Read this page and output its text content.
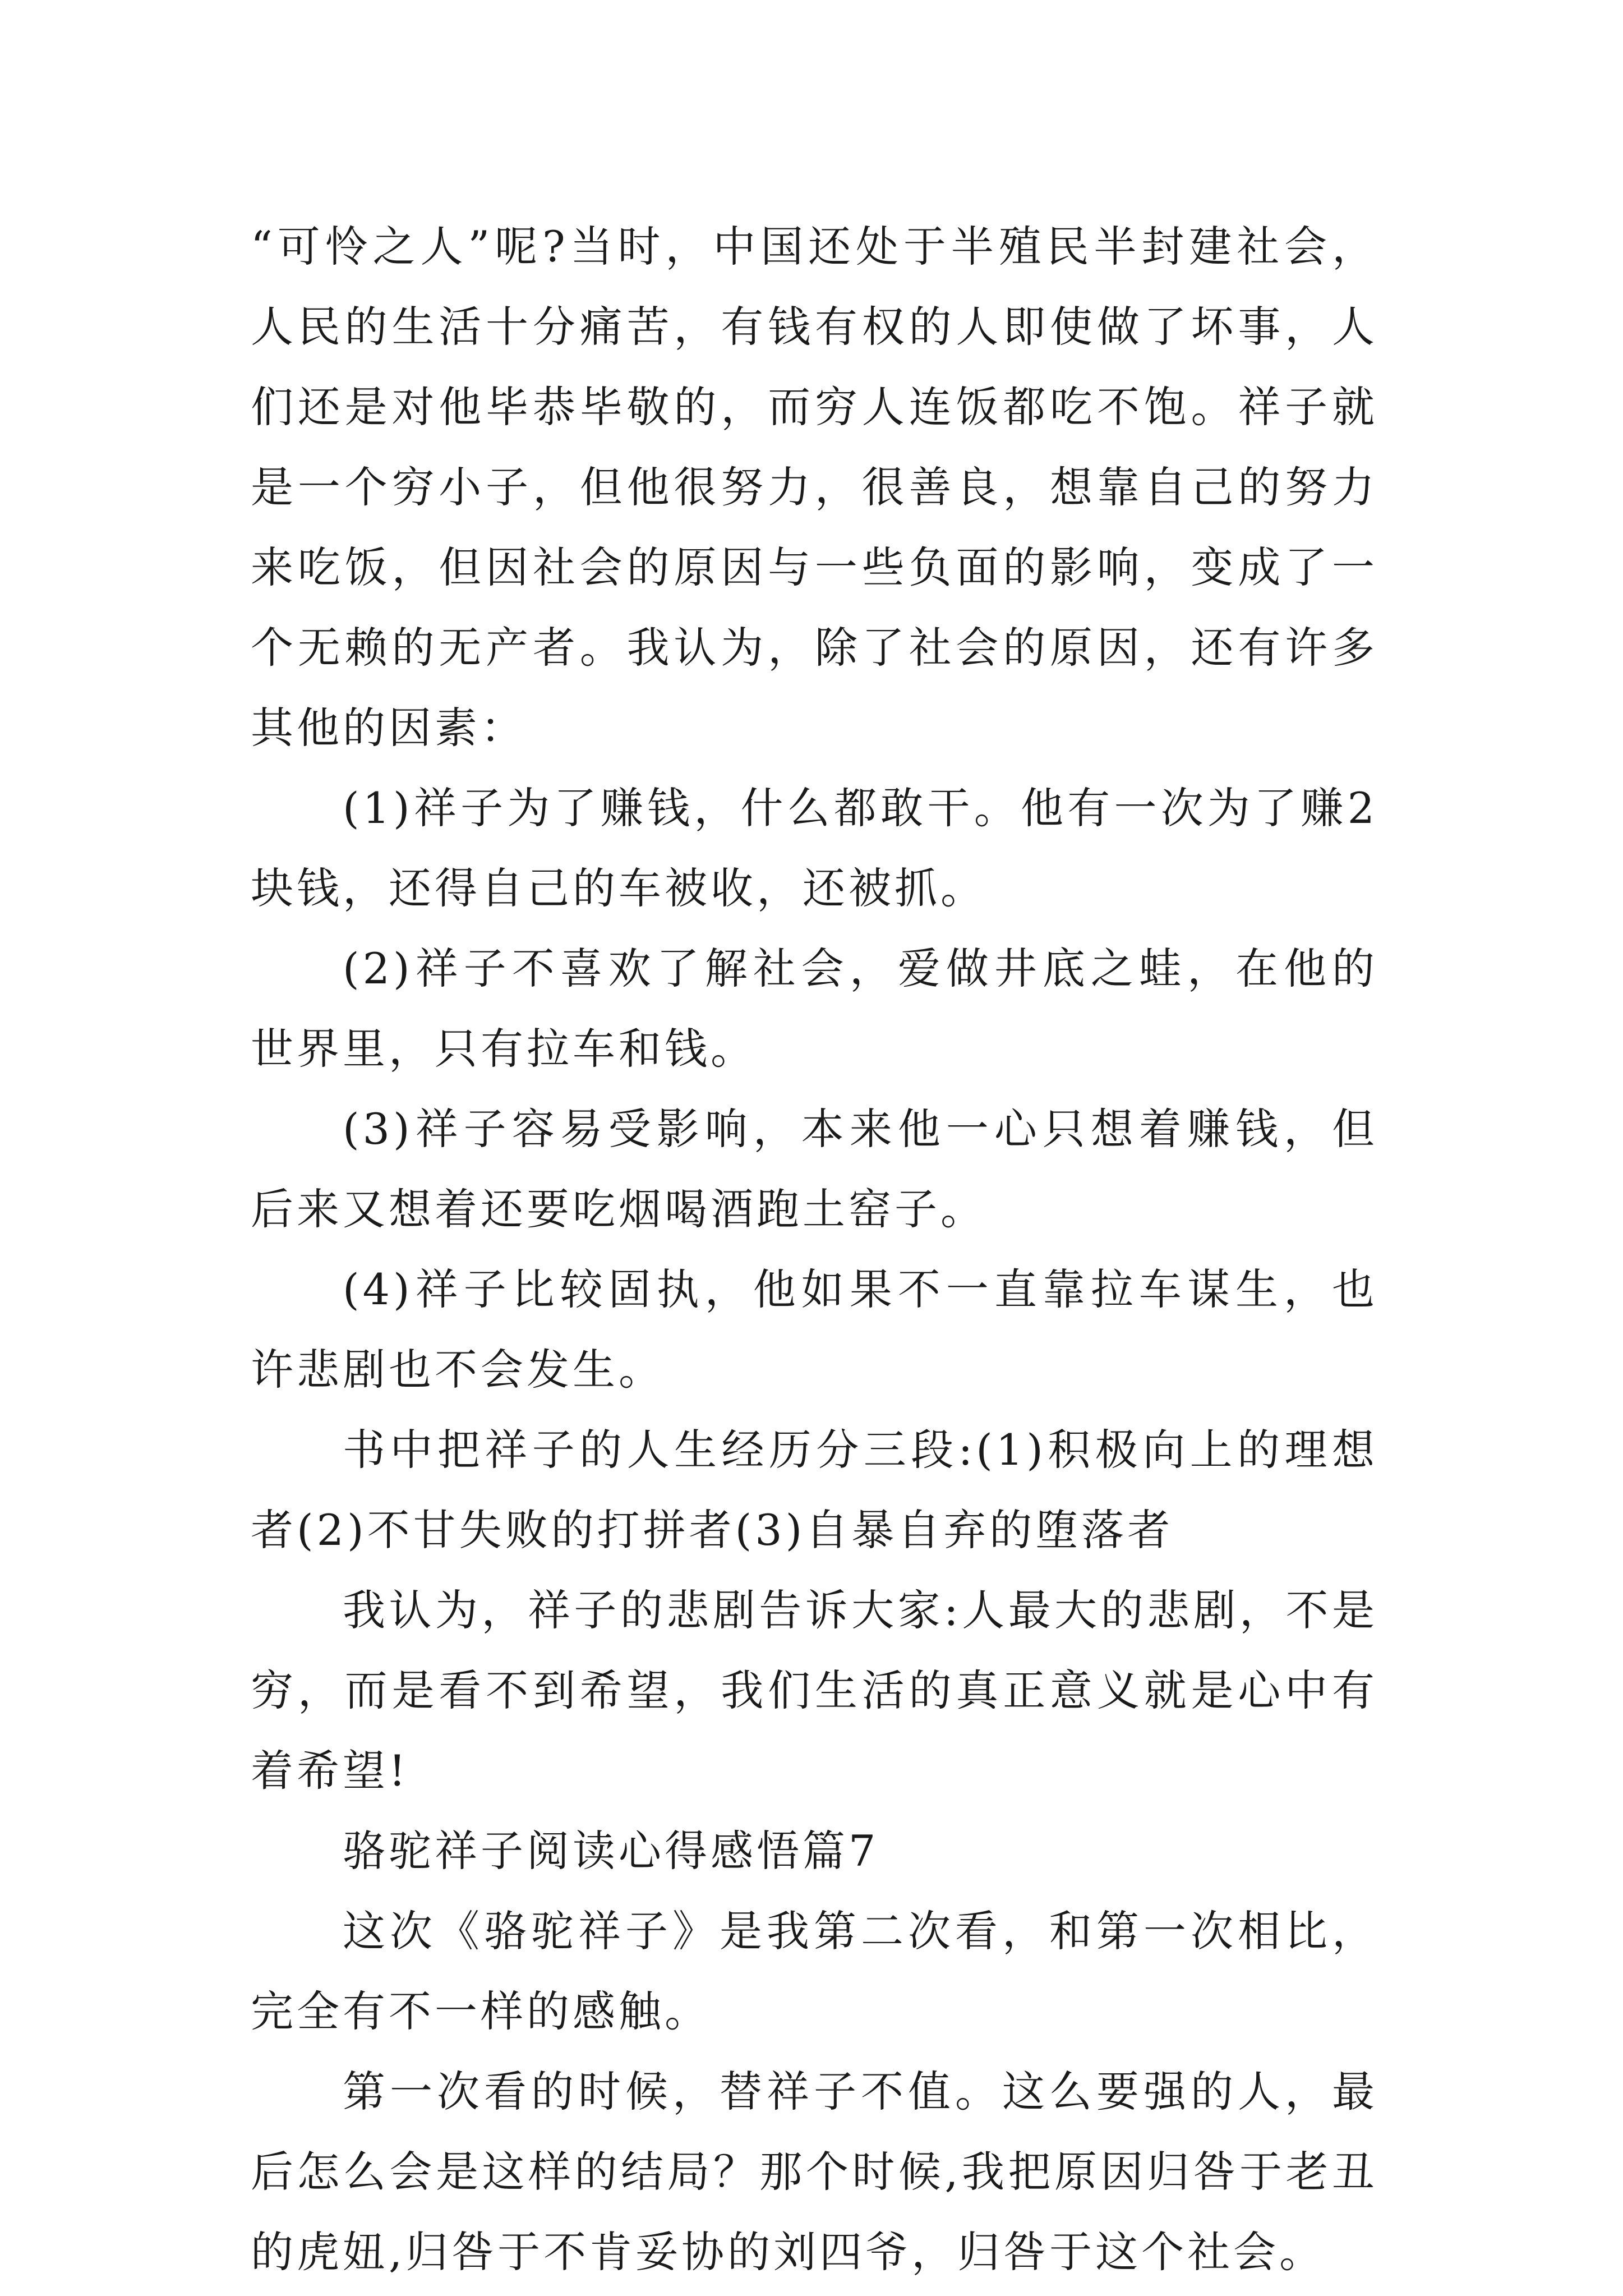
“可怜之人”呢?当时，中国还处于半殖民半封建社会，人民的生活十分痛苦，有钱有权的人即使做了坏事，人们还是对他毕恭毕敬的，而穷人连饭都吃不饱。祥子就是一个穷小子，但他很努力，很善良，想靠自己的努力来吃饭，但因社会的原因与一些负面的影响，变成了一个无赖的无产者。我认为，除了社会的原因，还有许多其他的因素：

(1)祥子为了赚钱，什么都敢干。他有一次为了赚2块钱，还得自己的车被收，还被抓。

(2)祥子不喜欢了解社会，爱做井底之蛙，在他的世界里，只有拉车和钱。

(3)祥子容易受影响，本来他一心只想着赚钱，但后来又想着还要吃烟喝酒跑土窑子。

(4)祥子比较固执，他如果不一直靠拉车谋生，也许悲剧也不会发生。

书中把祥子的人生经历分三段:(1)积极向上的理想者(2)不甘失败的打拼者(3)自暴自弃的堕落者

我认为，祥子的悲剧告诉大家:人最大的悲剧，不是穷，而是看不到希望，我们生活的真正意义就是心中有着希望!

骆驼祥子阅读心得感悟篇7

这次《骆驼祥子》是我第二次看，和第一次相比，完全有不一样的感触。

第一次看的时候，替祥子不值。这么要强的人，最后怎么会是这样的结局？那个时候,我把原因归咎于老丑的虎妞,归咎于不肯妥协的刘四爷，归咎于这个社会。
